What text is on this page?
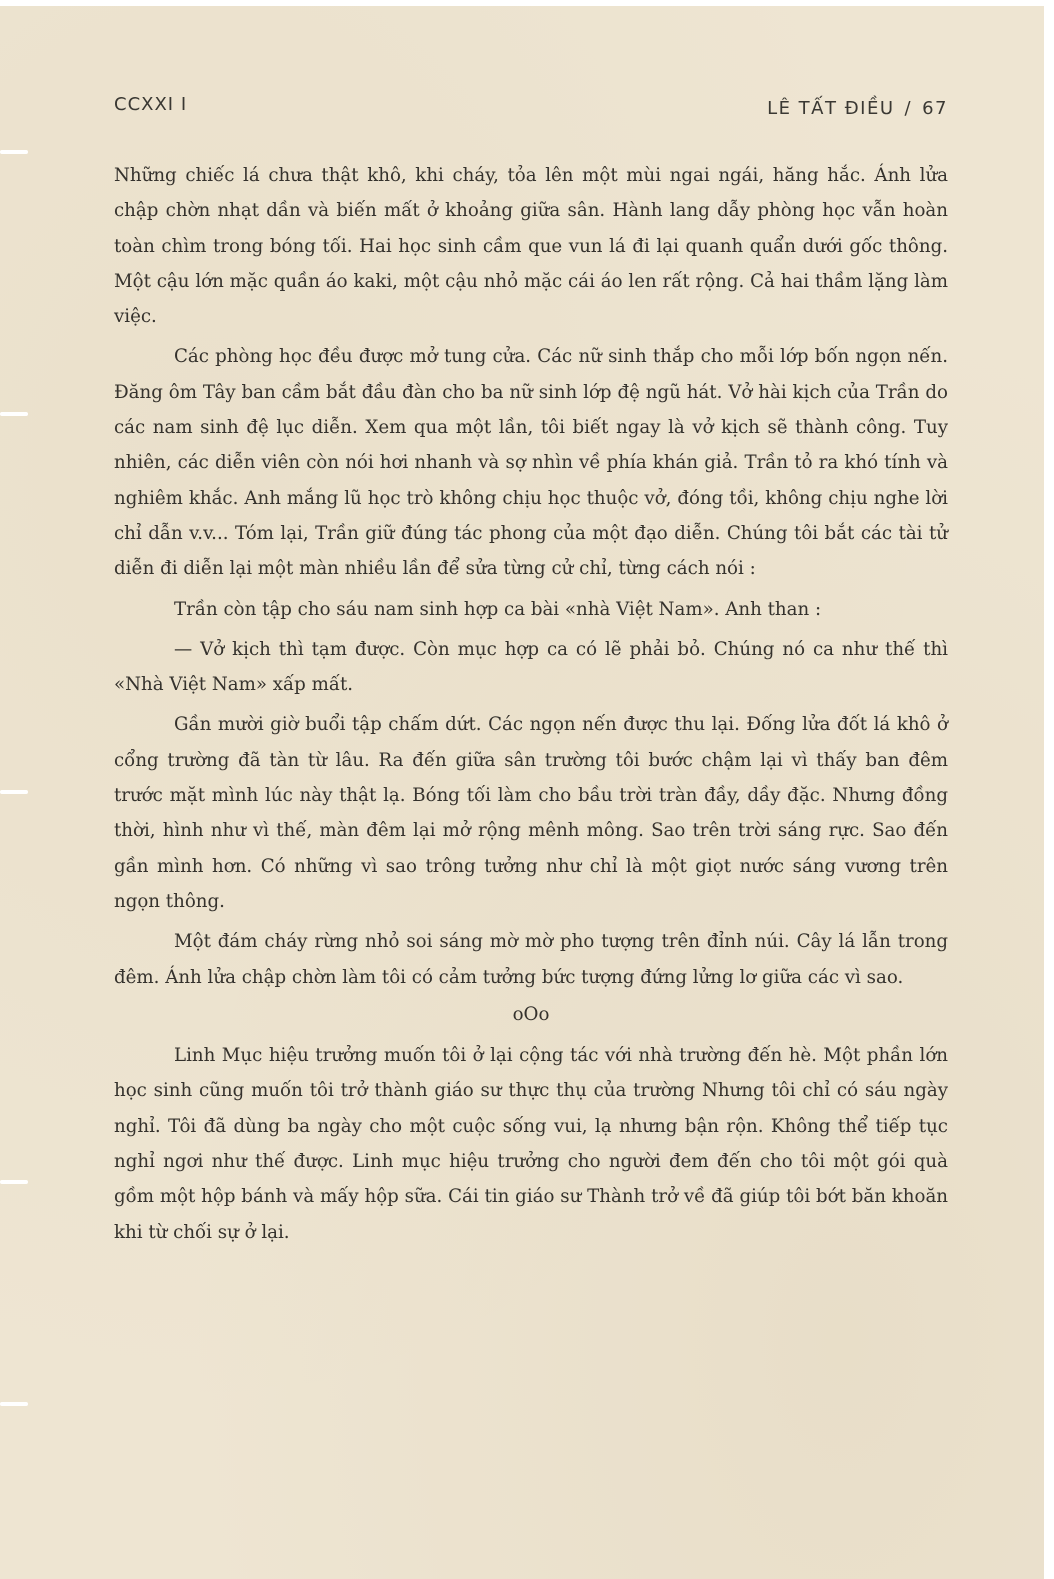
CCXXI I	LÊ TẤT ĐIỀU / 67

Những chiếc lá chưa thật khô, khi cháy, tỏa lên một mùi ngai ngái, hăng hắc. Ánh lửa chập chờn nhạt dần và biến mất ở khoảng giữa sân. Hành lang dẫy phòng học vẫn hoàn toàn chìm trong bóng tối. Hai học sinh cầm que vun lá đi lại quanh quẩn dưới gốc thông. Một cậu lớn mặc quần áo kaki, một cậu nhỏ mặc cái áo len rất rộng. Cả hai thầm lặng làm việc.

Các phòng học đều được mở tung cửa. Các nữ sinh thắp cho mỗi lớp bốn ngọn nến. Đăng ôm Tây ban cầm bắt đầu đàn cho ba nữ sinh lớp đệ ngũ hát. Vở hài kịch của Trần do các nam sinh đệ lục diễn. Xem qua một lần, tôi biết ngay là vở kịch sẽ thành công. Tuy nhiên, các diễn viên còn nói hơi nhanh và sợ nhìn về phía khán giả. Trần tỏ ra khó tính và nghiêm khắc. Anh mắng lũ học trò không chịu học thuộc vở, đóng tồi, không chịu nghe lời chỉ dẫn v.v... Tóm lại, Trần giữ đúng tác phong của một đạo diễn. Chúng tôi bắt các tài tử diễn đi diễn lại một màn nhiều lần để sửa từng cử chỉ, từng cách nói :

Trần còn tập cho sáu nam sinh hợp ca bài «nhà Việt Nam». Anh than :

— Vở kịch thì tạm được. Còn mục hợp ca có lẽ phải bỏ. Chúng nó ca như thế thì «Nhà Việt Nam» xấp mất.

Gần mười giờ buổi tập chấm dứt. Các ngọn nến được thu lại. Đống lửa đốt lá khô ở cổng trường đã tàn từ lâu. Ra đến giữa sân trường tôi bước chậm lại vì thấy ban đêm trước mặt mình lúc này thật lạ. Bóng tối làm cho bầu trời tràn đầy, dầy đặc. Nhưng đồng thời, hình như vì thế, màn đêm lại mở rộng mênh mông. Sao trên trời sáng rực. Sao đến gần mình hơn. Có những vì sao trông tưởng như chỉ là một giọt nước sáng vương trên ngọn thông.

Một đám cháy rừng nhỏ soi sáng mờ mờ pho tượng trên đỉnh núi. Cây lá lẫn trong đêm. Ánh lửa chập chờn làm tôi có cảm tưởng bức tượng đứng lửng lơ giữa các vì sao.

oOo

Linh Mục hiệu trưởng muốn tôi ở lại cộng tác với nhà trường đến hè. Một phần lớn học sinh cũng muốn tôi trở thành giáo sư thực thụ của trường Nhưng tôi chỉ có sáu ngày nghỉ. Tôi đã dùng ba ngày cho một cuộc sống vui, lạ nhưng bận rộn. Không thể tiếp tục nghỉ ngơi như thế được. Linh mục hiệu trưởng cho người đem đến cho tôi một gói quà gồm một hộp bánh và mấy hộp sữa. Cái tin giáo sư Thành trở về đã giúp tôi bớt băn khoăn khi từ chối sự ở lại.
